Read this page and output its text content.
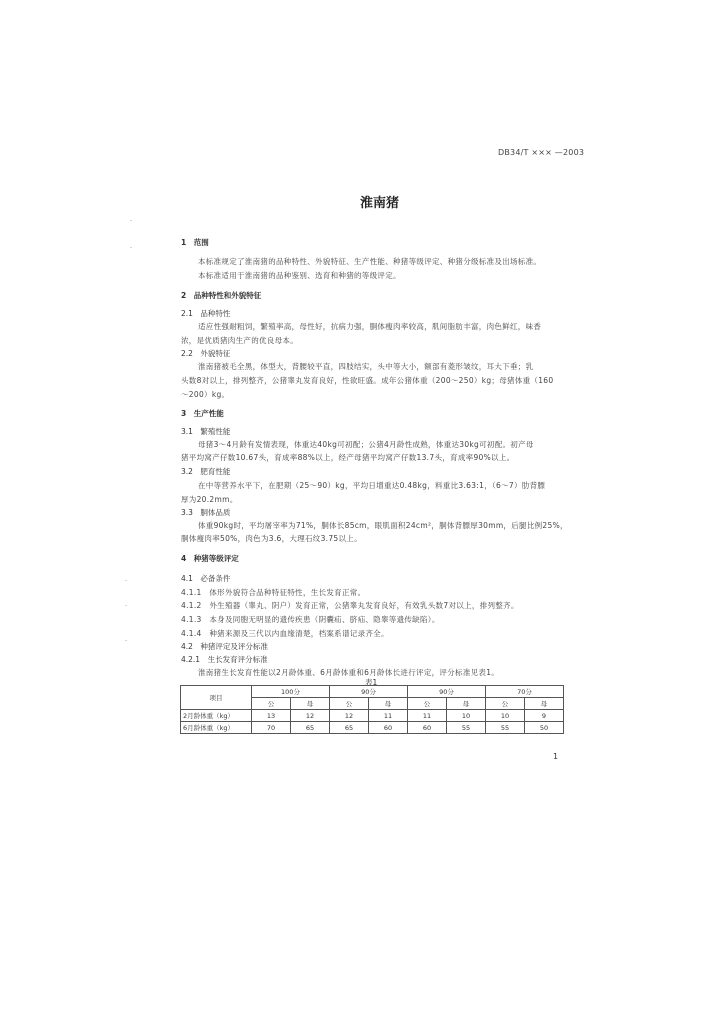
DB34/T ××× —2003
淮南猪
-
-
-
-
-
1　范围
本标准规定了淮南猪的品种特性、外貌特征、生产性能、种猪等级评定、种猪分级标准及出场标准。
本标准适用于淮南猪的品种鉴别、选育和种猪的等级评定。
2　品种特性和外貌特征
2.1　品种特性
适应性强耐粗饲，繁殖率高，母性好，抗病力强，胴体瘦肉率较高，肌间脂肪丰富，肉色鲜红，味香
浓，是优质猪肉生产的优良母本。
2.2　外貌特征
淮南猪被毛全黑，体型大，背腰较平直，四肢结实，头中等大小，额部有菱形皱纹，耳大下垂；乳
头数8对以上，排列整齐，公猪睾丸发育良好，性欲旺盛。成年公猪体重（200～250）kg；母猪体重（160
～200）kg。
3　生产性能
3.1　繁殖性能
母猪3～4月龄有发情表现，体重达40kg可初配；公猪4月龄性成熟，体重达30kg可初配。初产母
猪平均窝产仔数10.67头，育成率88%以上，经产母猪平均窝产仔数13.7头，育成率90%以上。
3.2　肥育性能
在中等营养水平下，在肥期（25～90）kg，平均日增重达0.48kg，料重比3.63:1，（6～7）肋背膘
厚为20.2mm。
3.3　胴体品质
体重90kg时，平均屠宰率为71%，胴体长85cm，眼肌面积24cm²，胴体背膘厚30mm，后腿比例25%，
胴体瘦肉率50%，肉色为3.6，大理石纹3.75以上。
4　种猪等级评定
4.1　必备条件
4.1.1　体形外貌符合品种特征特性，生长发育正常。
4.1.2　外生殖器（睾丸、阴户）发育正常，公猪睾丸发育良好，有效乳头数7对以上，排列整齐。
4.1.3　本身及同胞无明显的遗传疾患（阴囊疝、脐疝、隐睾等遗传缺陷）。
4.1.4　种猪来源及三代以内血缘清楚，档案系谱记录齐全。
4.2　种猪评定及评分标准
4.2.1　生长发育评分标准
淮南猪生长发育性能以2月龄体重、6月龄体重和6月龄体长进行评定，评分标准见表1。
表1
项目	100分		90分		90分		70分	
	公	母	公	母	公	母	公	母
2月龄体重（kg）	13	12	12	11	11	10	10	9
6月龄体重（kg）	70	65	65	60	60	55	55	50
1
